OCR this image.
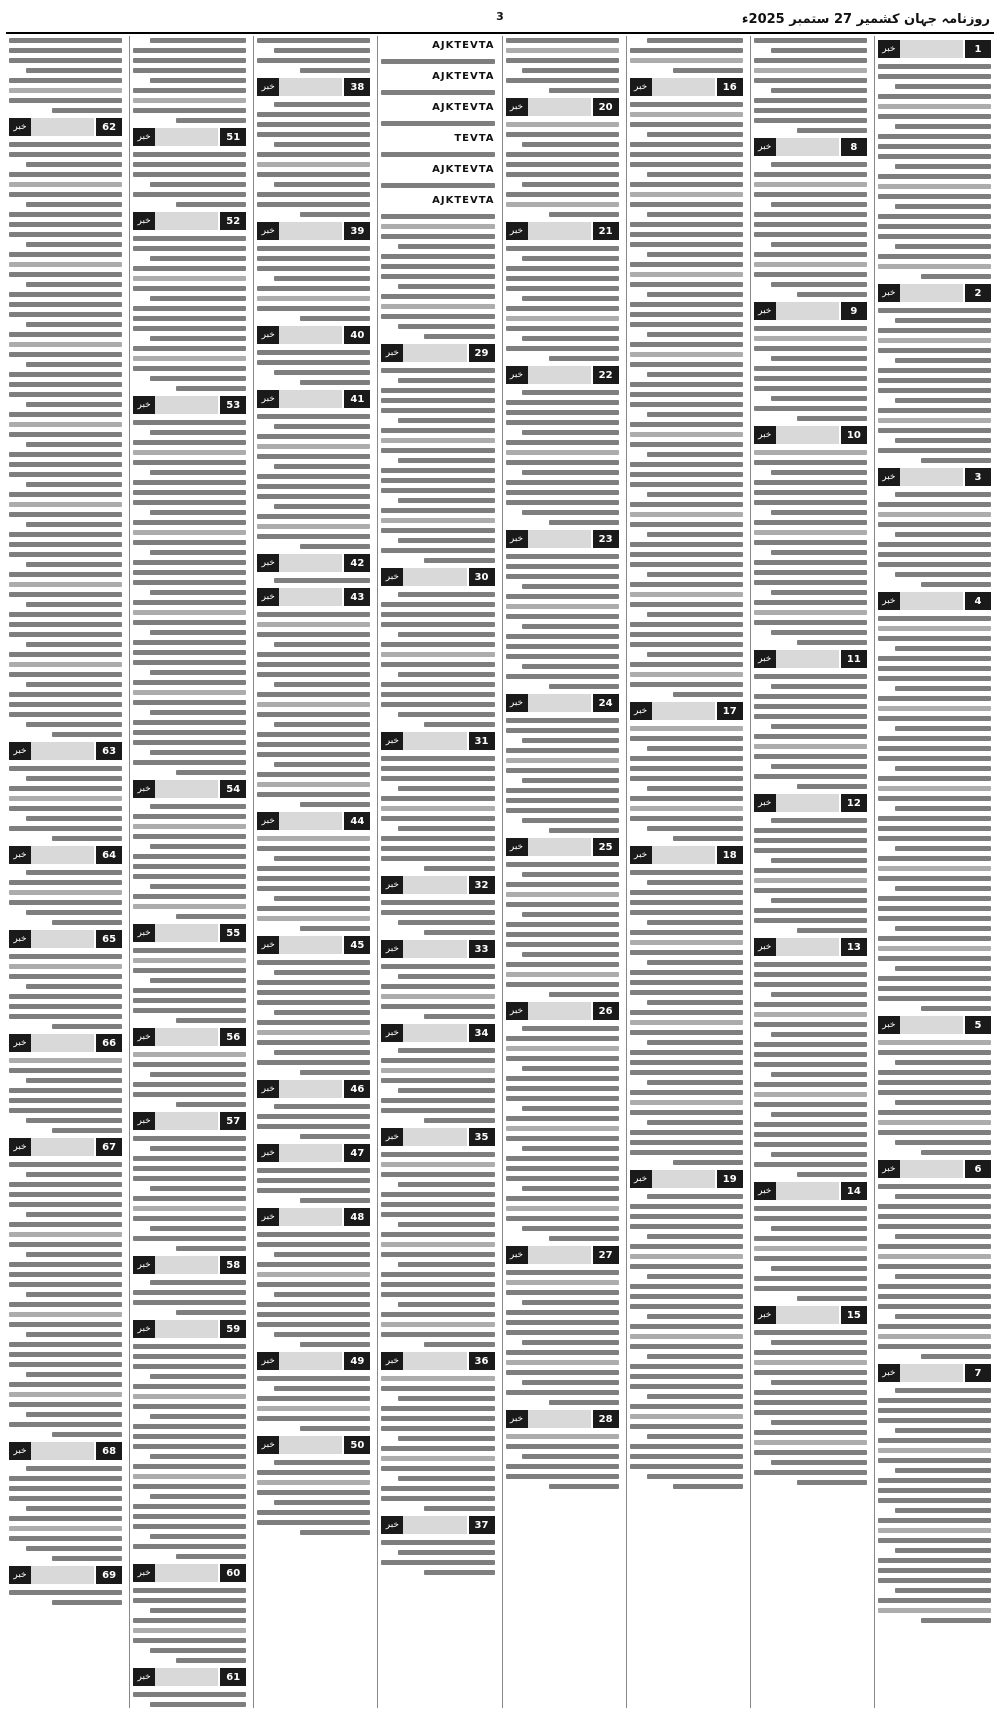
3	روزنامہ جہان کشمیر 27 ستمبر 2025ء
1
خبر
2
خبر
3
خبر
4
خبر
5
خبر
6
خبر
7
خبر
8
خبر
9
خبر
10
خبر
11
خبر
12
خبر
13
خبر
14
خبر
15
خبر
16
خبر
17
خبر
18
خبر
19
خبر
20
خبر
21
خبر
22
خبر
23
خبر
24
خبر
25
خبر
26
خبر
27
خبر
28
خبر
AJKTEVTA
AJKTEVTA
AJKTEVTA
TEVTA
AJKTEVTA
AJKTEVTA
29
خبر
30
خبر
31
خبر
32
خبر
33
خبر
34
خبر
35
خبر
36
خبر
37
خبر
38
خبر
39
خبر
40
خبر
41
خبر
42
خبر
43
خبر
44
خبر
45
خبر
46
خبر
47
خبر
48
خبر
49
خبر
50
خبر
51
خبر
52
خبر
53
خبر
54
خبر
55
خبر
56
خبر
57
خبر
58
خبر
59
خبر
60
خبر
61
خبر
62
خبر
63
خبر
64
خبر
65
خبر
66
خبر
67
خبر
68
خبر
69
خبر
